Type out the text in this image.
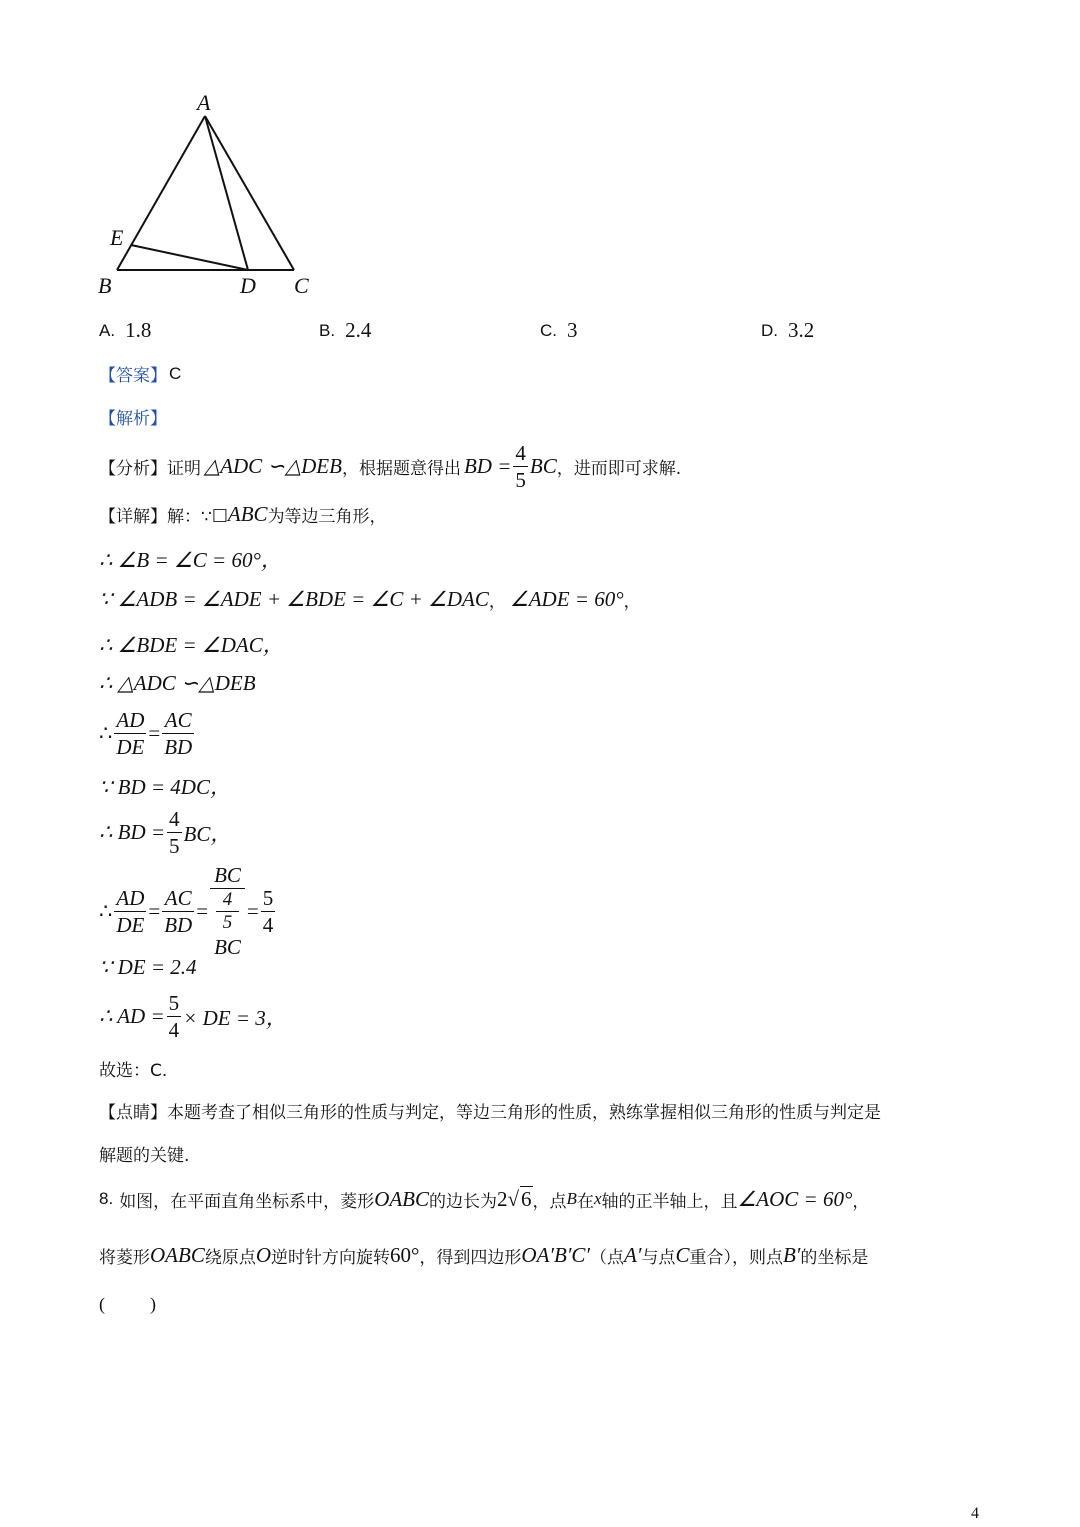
A
E
B	D C
A. 1.8	B. 2.4	C. 3	D. 3.2
【答案】 C
【解析】
【分析】 证明 △ADC ∽△DEB ，根据题意得出 BD = $\frac{4}{5}$ BC ，进而即可求解.
【详解】 解：∵ □ ABC 为等边三角形，
∴ ∠B = ∠C = 60°，
∵ ∠ADB = ∠ADE + ∠BDE = ∠C + ∠DAC ， ∠ADE = 60° ，
∴ ∠BDE = ∠DAC，
∴ △ADC ∽△DEB
∴ $\frac{AD}{DE} = \frac{AC}{BD}$
∵ BD = 4DC，
∴ BD = $\frac{4}{5}$ BC，
∴ $\frac{AD}{DE} = \frac{AC}{BD}$ = BC
4
5
BC = $\frac{5}{4}$
∵ DE = 2.4
∴ AD = $\frac{5}{4}$ × DE = 3，
故选：C.
【点睛】 本题考查了相似三角形的性质与判定，等边三角形的性质，熟练掌握相似三角形的性质与判定是
解题的关键.
8. 如图，在平面直角坐标系中，菱形 OABC 的边长为 2 √ 6 ，点 B 在 x 轴的正半轴上，且 ∠AOC = 60° ，
将菱形 OABC 绕原点 O 逆时针方向旋转 60° ，得到四边形 OA′B′C′ （点 A′ 与点 C 重合），则点 B′ 的坐标是
(          )
4
